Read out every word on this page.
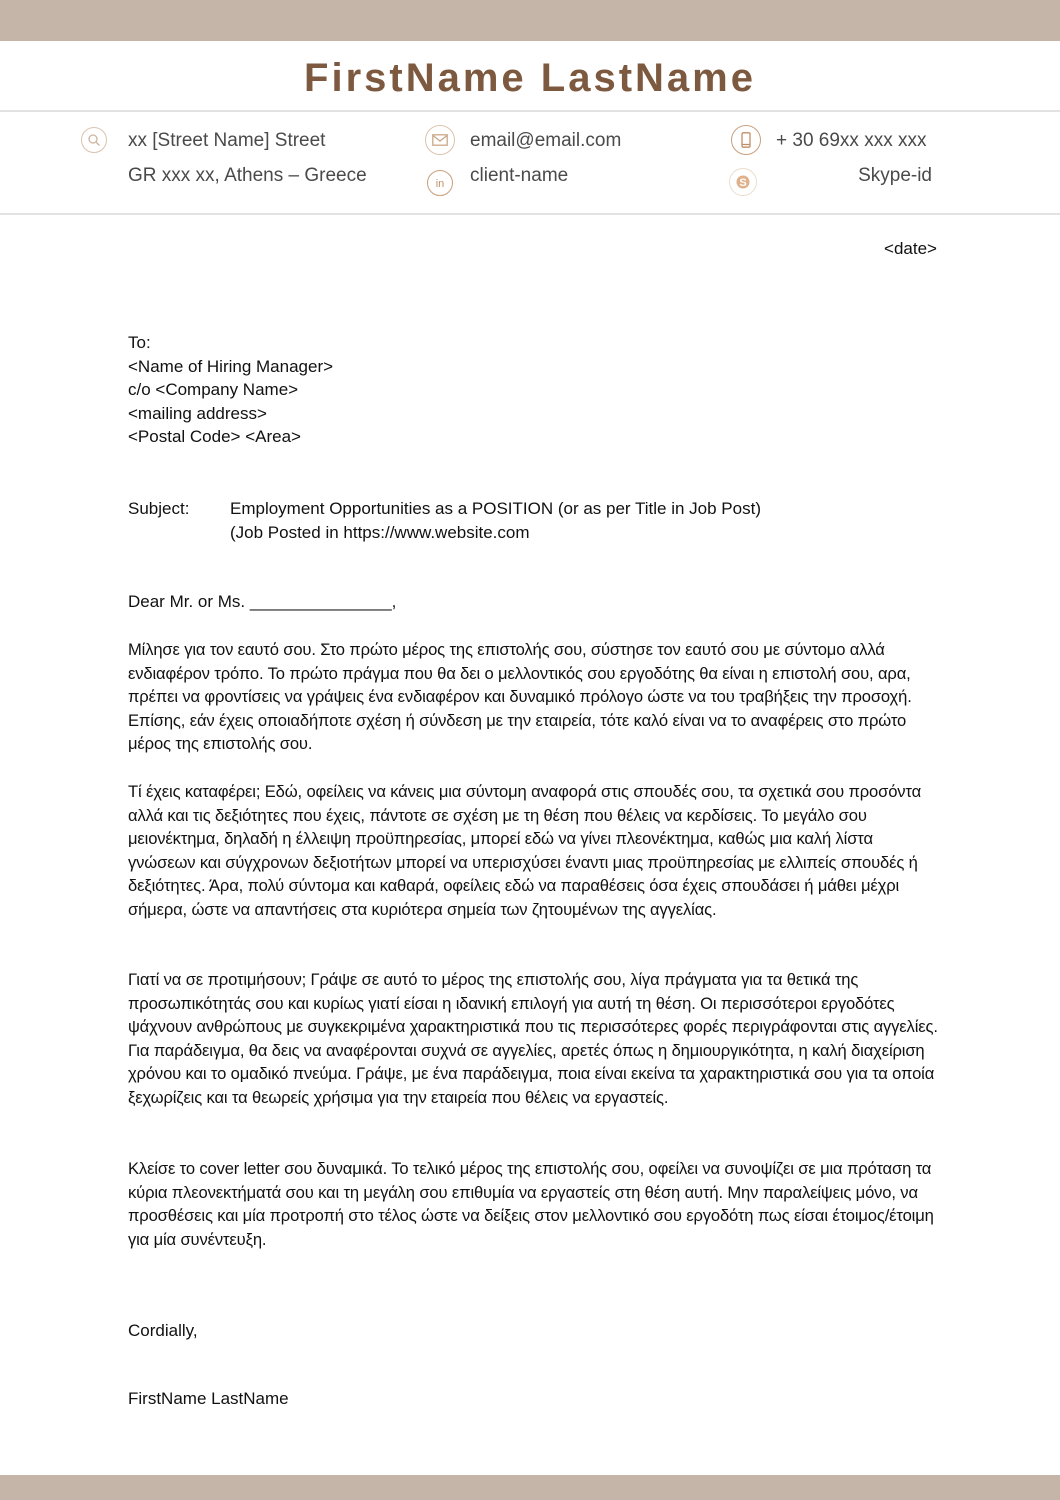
FirstName LastName
xx [Street Name] Street
GR xxx xx, Athens – Greece
email@email.com
in client-name
+ 30 69xx xxx xxx
S	Skype-id
<date>
To:
<Name of Hiring Manager>
c/o <Company Name>
<mailing address>
<Postal Code> <Area>
Subject: Employment Opportunities as a POSITION (or as per Title in Job Post)
(Job Posted in https://www.website.com
Dear Mr. or Ms. _______________,
Μίλησε για τον εαυτό σου. Στο πρώτο μέρος της επιστολής σου, σύστησε τον εαυτό σου με σύντομο αλλά ενδιαφέρον τρόπο. Το πρώτο πράγμα που θα δει ο μελλοντικός σου εργοδότης θα είναι η επιστολή σου, αρα, πρέπει να φροντίσεις να γράψεις ένα ενδιαφέρον και δυναμικό πρόλογο ώστε να του τραβήξεις την προσοχή. Επίσης, εάν έχεις οποιαδήποτε σχέση ή σύνδεση με την εταιρεία, τότε καλό είναι να το αναφέρεις στο πρώτο μέρος της επιστολής σου.
Τί έχεις καταφέρει; Εδώ, οφείλεις να κάνεις μια σύντομη αναφορά στις σπουδές σου, τα σχετικά σου προσόντα αλλά και τις δεξιότητες που έχεις, πάντοτε σε σχέση με τη θέση που θέλεις να κερδίσεις. Το μεγάλο σου μειονέκτημα, δηλαδή η έλλειψη προϋπηρεσίας, μπορεί εδώ να γίνει πλεονέκτημα, καθώς μια καλή λίστα γνώσεων και σύγχρονων δεξιοτήτων μπορεί να υπερισχύσει έναντι μιας προϋπηρεσίας με ελλιπείς σπουδές ή δεξιότητες. Άρα, πολύ σύντομα και καθαρά, οφείλεις εδώ να παραθέσεις όσα έχεις σπουδάσει ή μάθει μέχρι σήμερα, ώστε να απαντήσεις στα κυριότερα σημεία των ζητουμένων της αγγελίας.
Γιατί να σε προτιμήσουν; Γράψε σε αυτό το μέρος της επιστολής σου, λίγα πράγματα για τα θετικά της προσωπικότητάς σου και κυρίως γιατί είσαι η ιδανική επιλογή για αυτή τη θέση. Οι περισσότεροι εργοδότες ψάχνουν ανθρώπους με συγκεκριμένα χαρακτηριστικά που τις περισσότερες φορές περιγράφονται στις αγγελίες. Για παράδειγμα, θα δεις να αναφέρονται συχνά σε αγγελίες, αρετές όπως η δημιουργικότητα, η καλή διαχείριση χρόνου και το ομαδικό πνεύμα. Γράψε, με ένα παράδειγμα, ποια είναι εκείνα τα χαρακτηριστικά σου για τα οποία ξεχωρίζεις και τα θεωρείς χρήσιμα για την εταιρεία που θέλεις να εργαστείς.
Κλείσε το cover letter σου δυναμικά. Το τελικό μέρος της επιστολής σου, οφείλει να συνοψίζει σε μια πρόταση τα κύρια πλεονεκτήματά σου και τη μεγάλη σου επιθυμία να εργαστείς στη θέση αυτή. Μην παραλείψεις μόνο, να προσθέσεις και μία προτροπή στο τέλος ώστε να δείξεις στον μελλοντικό σου εργοδότη πως είσαι έτοιμος/έτοιμη για μία συνέντευξη.
Cordially,
FirstName LastName
